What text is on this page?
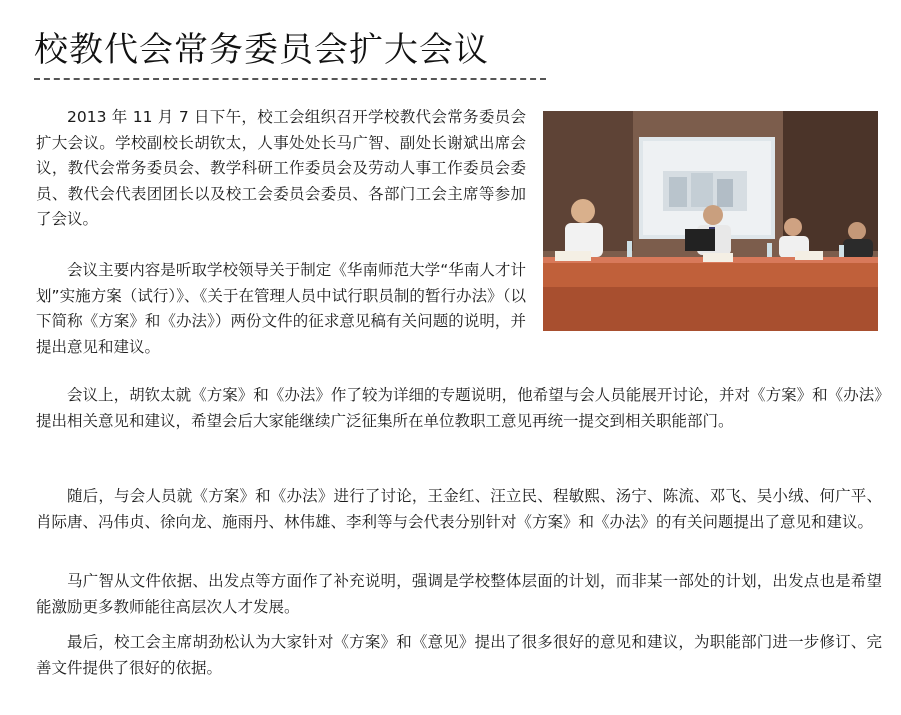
校教代会常务委员会扩大会议

2013 年 11 月 7 日下午，校工会组织召开学校教代会常务委员会扩大会议。学校副校长胡钦太，人事处处长马广智、副处长谢斌出席会议，教代会常务委员会、教学科研工作委员会及劳动人事工作委员会委员、教代会代表团团长以及校工会委员会委员、各部门工会主席等参加了会议。

会议主要内容是听取学校领导关于制定《华南师范大学“华南人才计划”实施方案（试行）》、《关于在管理人员中试行职员制的暂行办法》（以下简称《方案》和《办法》）两份文件的征求意见稿有关问题的说明，并提出意见和建议。

会议上，胡钦太就《方案》和《办法》作了较为详细的专题说明，他希望与会人员能展开讨论，并对《方案》和《办法》提出相关意见和建议，希望会后大家能继续广泛征集所在单位教职工意见再统一提交到相关职能部门。

随后，与会人员就《方案》和《办法》进行了讨论，王金红、汪立民、程敏熙、汤宁、陈流、邓飞、吴小绒、何广平、肖际唐、冯伟贞、徐向龙、施雨丹、林伟雄、李利等与会代表分别针对《方案》和《办法》的有关问题提出了意见和建议。

马广智从文件依据、出发点等方面作了补充说明，强调是学校整体层面的计划，而非某一部处的计划，出发点也是希望能激励更多教师能往高层次人才发展。

最后，校工会主席胡劲松认为大家针对《方案》和《意见》提出了很多很好的意见和建议，为职能部门进一步修订、完善文件提供了很好的依据。
